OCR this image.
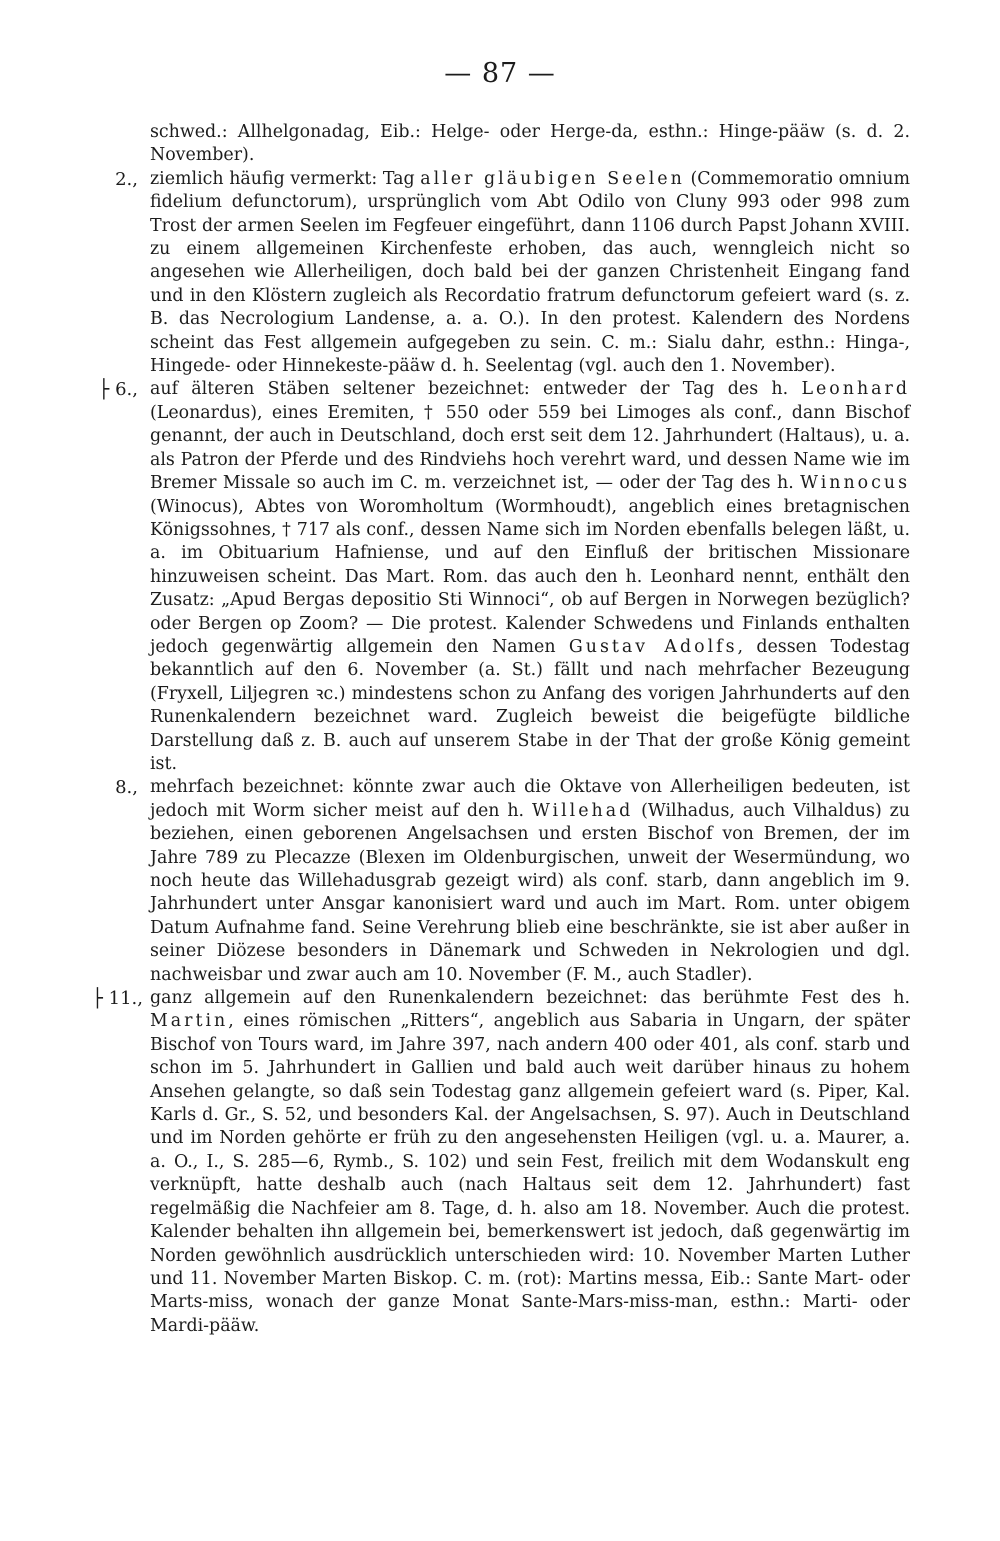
— 87 —

schwed.: Allhelgonadag, Eib.: Helge- oder Herge-da, esthn.: Hinge-pääw (s. d. 2. November).

2., ziemlich häufig vermerkt: Tag aller gläubigen Seelen (Commemoratio omnium fidelium defunctorum), ursprünglich vom Abt Odilo von Cluny 993 oder 998 zum Trost der armen Seelen im Fegfeuer eingeführt, dann 1106 durch Papst Johann XVIII. zu einem allgemeinen Kirchenfeste erhoben, das auch, wenngleich nicht so angesehen wie Allerheiligen, doch bald bei der ganzen Christenheit Eingang fand und in den Klöstern zugleich als Recordatio fratrum defunctorum gefeiert ward (s. z. B. das Necrologium Landense, a. a. O.). In den protest. Kalendern des Nordens scheint das Fest allgemein aufgegeben zu sein. C. m.: Sialu dahr, esthn.: Hinga-, Hingede- oder Hinnekeste-pääw d. h. Seelentag (vgl. auch den 1. November).

├ 6., auf älteren Stäben seltener bezeichnet: entweder der Tag des h. Leonhard (Leonardus), eines Eremiten, † 550 oder 559 bei Limoges als conf., dann Bischof genannt, der auch in Deutschland, doch erst seit dem 12. Jahrhundert (Haltaus), u. a. als Patron der Pferde und des Rindviehs hoch verehrt ward, und dessen Name wie im Bremer Missale so auch im C. m. verzeichnet ist, — oder der Tag des h. Winnocus (Winocus), Abtes von Woromholtum (Wormhoudt), angeblich eines bretagnischen Königssohnes, † 717 als conf., dessen Name sich im Norden ebenfalls belegen läßt, u. a. im Obituarium Hafniense, und auf den Einfluß der britischen Missionare hinzuweisen scheint. Das Mart. Rom. das auch den h. Leonhard nennt, enthält den Zusatz: „Apud Bergas depositio Sti Winnoci“, ob auf Bergen in Norwegen bezüglich? oder Bergen op Zoom? — Die protest. Kalender Schwedens und Finlands enthalten jedoch gegenwärtig allgemein den Namen Gustav Adolfs, dessen Todestag bekanntlich auf den 6. November (a. St.) fällt und nach mehrfacher Bezeugung (Fryxell, Liljegren ꝛc.) mindestens schon zu Anfang des vorigen Jahrhunderts auf den Runenkalendern bezeichnet ward. Zugleich beweist die beigefügte bildliche Darstellung daß z. B. auch auf unserem Stabe in der That der große König gemeint ist.

8., mehrfach bezeichnet: könnte zwar auch die Oktave von Allerheiligen bedeuten, ist jedoch mit Worm sicher meist auf den h. Willehad (Wilhadus, auch Vilhaldus) zu beziehen, einen geborenen Angelsachsen und ersten Bischof von Bremen, der im Jahre 789 zu Plecazze (Blexen im Oldenburgischen, unweit der Wesermündung, wo noch heute das Willehadusgrab gezeigt wird) als conf. starb, dann angeblich im 9. Jahrhundert unter Ansgar kanonisiert ward und auch im Mart. Rom. unter obigem Datum Aufnahme fand. Seine Verehrung blieb eine beschränkte, sie ist aber außer in seiner Diözese besonders in Dänemark und Schweden in Nekrologien und dgl. nachweisbar und zwar auch am 10. November (F. M., auch Stadler).

├ 11., ganz allgemein auf den Runenkalendern bezeichnet: das berühmte Fest des h. Martin, eines römischen „Ritters“, angeblich aus Sabaria in Ungarn, der später Bischof von Tours ward, im Jahre 397, nach andern 400 oder 401, als conf. starb und schon im 5. Jahrhundert in Gallien und bald auch weit darüber hinaus zu hohem Ansehen gelangte, so daß sein Todestag ganz allgemein gefeiert ward (s. Piper, Kal. Karls d. Gr., S. 52, und besonders Kal. der Angelsachsen, S. 97). Auch in Deutschland und im Norden gehörte er früh zu den angesehensten Heiligen (vgl. u. a. Maurer, a. a. O., I., S. 285—6, Rymb., S. 102) und sein Fest, freilich mit dem Wodanskult eng verknüpft, hatte deshalb auch (nach Haltaus seit dem 12. Jahrhundert) fast regelmäßig die Nachfeier am 8. Tage, d. h. also am 18. November. Auch die protest. Kalender behalten ihn allgemein bei, bemerkenswert ist jedoch, daß gegenwärtig im Norden gewöhnlich ausdrücklich unterschieden wird: 10. November Marten Luther und 11. November Marten Biskop. C. m. (rot): Martins messa, Eib.: Sante Mart- oder Marts-miss, wonach der ganze Monat Sante-Mars-miss-man, esthn.: Marti- oder Mardi-pääw.
